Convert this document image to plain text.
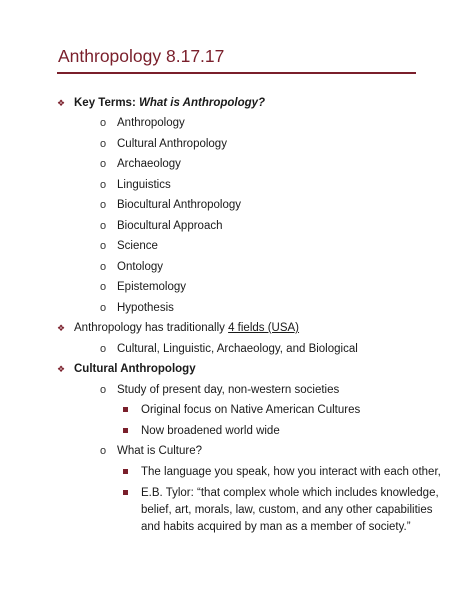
Anthropology 8.17.17
❖ Key Terms: What is Anthropology?
o Anthropology
o Cultural Anthropology
o Archaeology
o Linguistics
o Biocultural Anthropology
o Biocultural Approach
o Science
o Ontology
o Epistemology
o Hypothesis
❖ Anthropology has traditionally 4 fields (USA)
o Cultural, Linguistic, Archaeology, and Biological
❖ Cultural Anthropology
o Study of present day, non-western societies
Original focus on Native American Cultures
Now broadened world wide
o What is Culture?
The language you speak, how you interact with each other,
E.B. Tylor: “that complex whole which includes knowledge,
belief, art, morals, law, custom, and any other capabilities
and habits acquired by man as a member of society.”
